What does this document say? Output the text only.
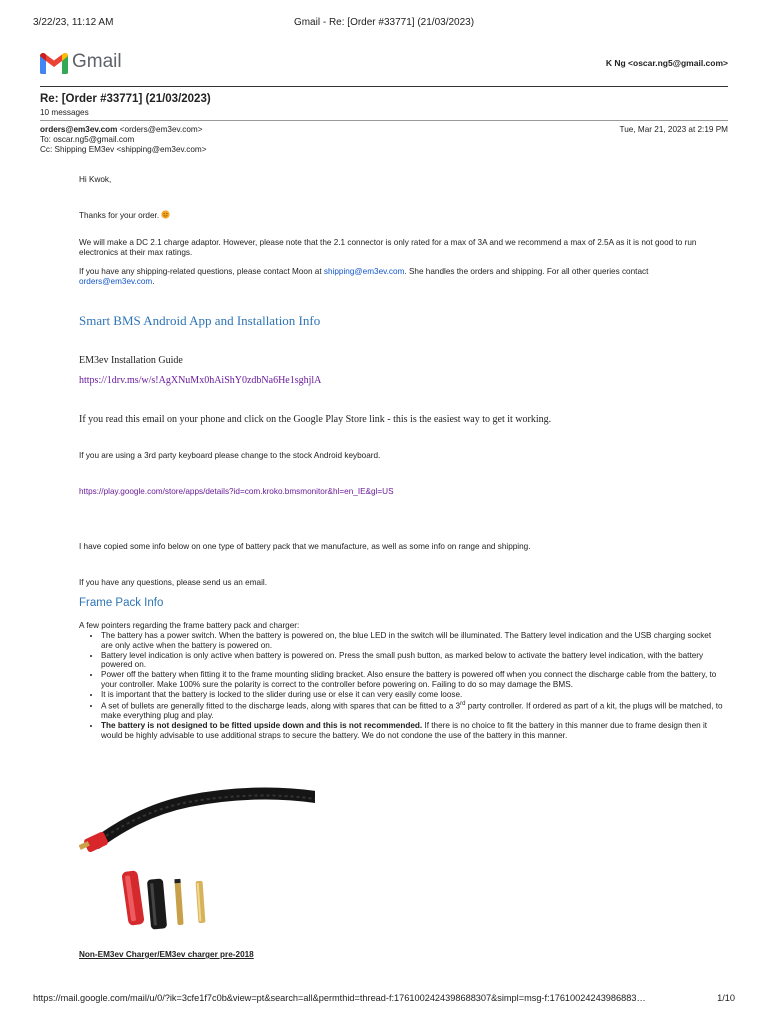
3/22/23, 11:12 AM	Gmail - Re: [Order #33771] (21/03/2023)
Gmail	K Ng <oscar.ng5@gmail.com>
Re: [Order #33771] (21/03/2023)
10 messages
orders@em3ev.com <orders@em3ev.com>	Tue, Mar 21, 2023 at 2:19 PM
To: oscar.ng5@gmail.com
Cc: Shipping EM3ev <shipping@em3ev.com>
Hi Kwok,
Thanks for your order.
We will make a DC 2.1 charge adaptor. However, please note that the 2.1 connector is only rated for a max of 3A and we recommend a max of 2.5A as it is not good to run electronics at their max ratings.
If you have any shipping-related questions, please contact Moon at shipping@em3ev.com. She handles the orders and shipping. For all other queries contact
orders@em3ev.com.
Smart BMS Android App and Installation Info
EM3ev Installation Guide
https://1drv.ms/w/s!AgXNuMx0hAiShY0zdbNa6He1sghjlA
If you read this email on your phone and click on the Google Play Store link - this is the easiest way to get it working.
If you are using a 3rd party keyboard please change to the stock Android keyboard.
https://play.google.com/store/apps/details?id=com.kroko.bmsmonitor&hl=en_IE&gl=US
I have copied some info below on one type of battery pack that we manufacture, as well as some info on range and shipping.
If you have any questions, please send us an email.
Frame Pack Info
A few pointers regarding the frame battery pack and charger:
• The battery has a power switch. When the battery is powered on, the blue LED in the switch will be illuminated. The Battery level indication and the USB charging socket are only active when the battery is powered on.
• Battery level indication is only active when battery is powered on. Press the small push button, as marked below to activate the battery level indication, with the battery powered on.
• Power off the battery when fitting it to the frame mounting sliding bracket. Also ensure the battery is powered off when you connect the discharge cable from the battery, to your controller. Make 100% sure the polarity is correct to the controller before powering on. Failing to do so may damage the BMS.
• It is important that the battery is locked to the slider during use or else it can very easily come loose.
• A set of bullets are generally fitted to the discharge leads, along with spares that can be fitted to a 3rd party controller. If ordered as part of a kit, the plugs will be matched, to make everything plug and play.
• The battery is not designed to be fitted upside down and this is not recommended. If there is no choice to fit the battery in this manner due to frame design then it would be highly advisable to use additional straps to secure the battery. We do not condone the use of the battery in this manner.
Non-EM3ev Charger/EM3ev charger pre-2018
https://mail.google.com/mail/u/0/?ik=3cfe1f7c0b&view=pt&search=all&permthid=thread-f:1761002424398688307&simpl=msg-f:17610024243986883…	1/10
